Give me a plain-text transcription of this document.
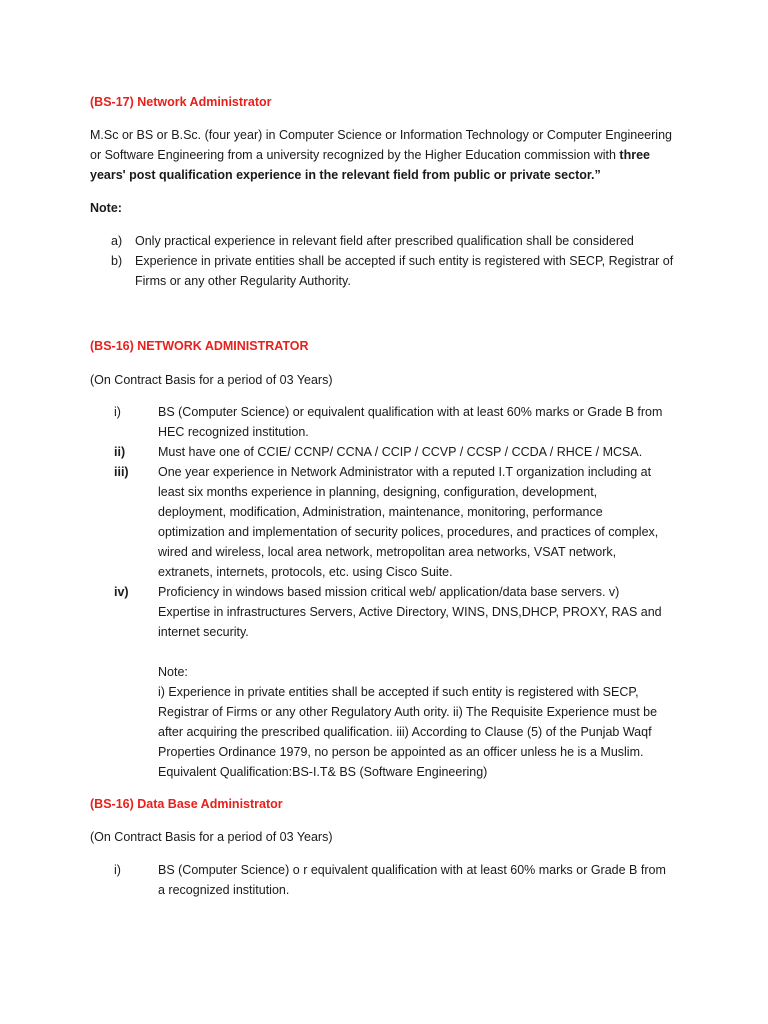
(BS-17) Network Administrator
M.Sc or BS or B.Sc. (four year) in Computer Science or Information Technology or Computer Engineering
or Software Engineering from a university recognized by the Higher Education commission with three
years' post qualification experience in the relevant field from public or private sector.”
Note:
a) Only practical experience in relevant field after prescribed qualification shall be considered
b) Experience in private entities shall be accepted if such entity is registered with SECP, Registrar of
Firms or any other Regularity Authority.
(BS-16) NETWORK ADMINISTRATOR
(On Contract Basis for a period of 03 Years)
i)	BS (Computer Science) or equivalent qualification with at least 60% marks or Grade B from
HEC recognized institution.
ii)	Must have one of CCIE/ CCNP/ CCNA / CCIP / CCVP / CCSP / CCDA / RHCE / MCSA.
iii) One year experience in Network Administrator with a reputed I.T organization including at
least six months experience in planning, designing, configuration, development,
deployment, modification, Administration, maintenance, monitoring, performance
optimization and implementation of security polices, procedures, and practices of complex,
wired and wireless, local area network, metropolitan area networks, VSAT network,
extranets, internets, protocols, etc. using Cisco Suite.
iv) Proficiency in windows based mission critical web/ application/data base servers. v)
Expertise in infrastructures Servers, Active Directory, WINS, DNS,DHCP, PROXY, RAS and
internet security.
Note:
i) Experience in private entities shall be accepted if such entity is registered with SECP,
Registrar of Firms or any other Regulatory Auth ority. ii) The Requisite Experience must be
after acquiring the prescribed qualification. iii) According to Clause (5) of the Punjab Waqf
Properties Ordinance 1979, no person be appointed as an officer unless he is a Muslim.
Equivalent Qualification:BS-I.T& BS (Software Engineering)
(BS-16) Data Base Administrator
(On Contract Basis for a period of 03 Years)
i)	BS (Computer Science) o r equivalent qualification with at least 60% marks or Grade B from
a recognized institution.
